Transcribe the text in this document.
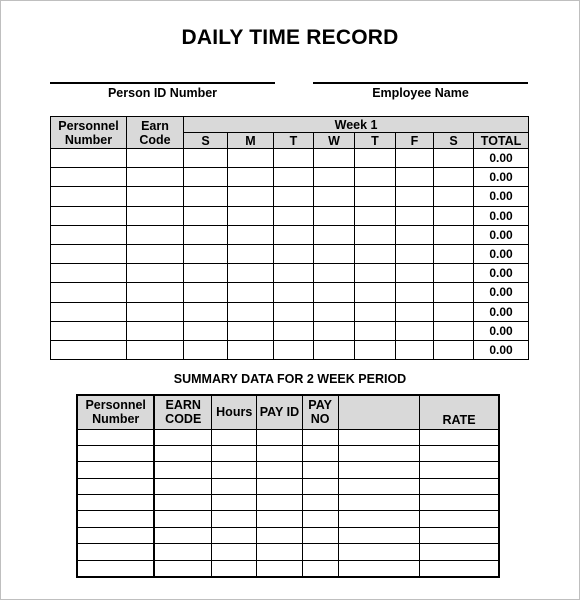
DAILY TIME RECORD
Person ID Number	Employee Name
Personnel Number	Earn Code	Week 1							
		S	M	T	W	T	F	S	TOTAL
									0.00
									0.00
									0.00
									0.00
									0.00
									0.00
									0.00
									0.00
									0.00
									0.00
									0.00
SUMMARY DATA FOR 2 WEEK PERIOD
Personnel Number	EARN CODE	Hours	PAY ID	PAY NO		RATE
